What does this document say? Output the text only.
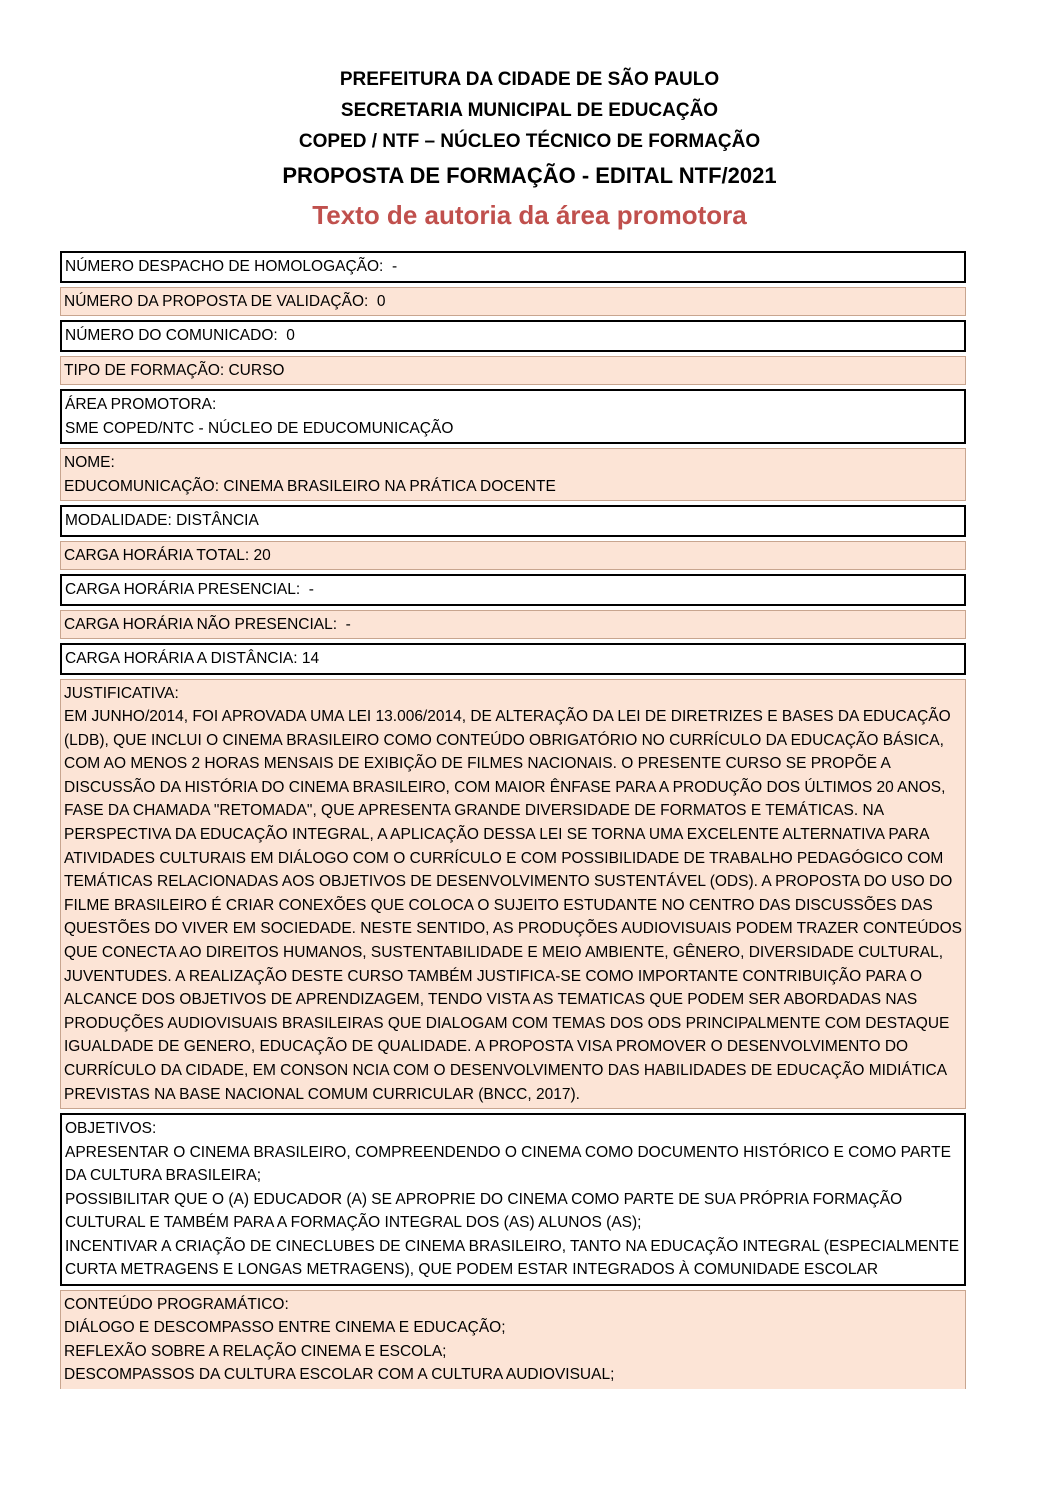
PREFEITURA DA CIDADE DE SÃO PAULO
SECRETARIA MUNICIPAL DE EDUCAÇÃO
COPED / NTF – NÚCLEO TÉCNICO DE FORMAÇÃO
PROPOSTA DE FORMAÇÃO - EDITAL NTF/2021
Texto de autoria da área promotora
NÚMERO DESPACHO DE HOMOLOGAÇÃO:  -
NÚMERO DA PROPOSTA DE VALIDAÇÃO:  0
NÚMERO DO COMUNICADO:  0
TIPO DE FORMAÇÃO: CURSO

ÁREA PROMOTORA:

SME COPED/NTC - NÚCLEO DE EDUCOMUNICAÇÃO

NOME:

EDUCOMUNICAÇÃO: CINEMA BRASILEIRO NA PRÁTICA DOCENTE

MODALIDADE: DISTÂNCIA
CARGA HORÁRIA TOTAL: 20
CARGA HORÁRIA PRESENCIAL:  -
CARGA HORÁRIA NÃO PRESENCIAL:  -
CARGA HORÁRIA A DISTÂNCIA: 14

JUSTIFICATIVA:

EM JUNHO/2014, FOI APROVADA UMA LEI 13.006/2014, DE ALTERAÇÃO DA LEI DE DIRETRIZES E BASES DA EDUCAÇÃO (LDB), QUE INCLUI O CINEMA BRASILEIRO COMO CONTEÚDO OBRIGATÓRIO NO CURRÍCULO DA EDUCAÇÃO BÁSICA, COM AO MENOS 2 HORAS MENSAIS DE EXIBIÇÃO DE FILMES NACIONAIS. O PRESENTE CURSO SE PROPÕE A DISCUSSÃO DA HISTÓRIA DO CINEMA BRASILEIRO, COM MAIOR ÊNFASE PARA A PRODUÇÃO DOS ÚLTIMOS 20 ANOS, FASE DA CHAMADA "RETOMADA", QUE APRESENTA GRANDE DIVERSIDADE DE FORMATOS E TEMÁTICAS. NA PERSPECTIVA DA EDUCAÇÃO INTEGRAL, A APLICAÇÃO DESSA LEI SE TORNA UMA EXCELENTE ALTERNATIVA PARA ATIVIDADES CULTURAIS EM DIÁLOGO COM O CURRÍCULO E COM POSSIBILIDADE DE TRABALHO PEDAGÓGICO COM TEMÁTICAS RELACIONADAS AOS OBJETIVOS DE DESENVOLVIMENTO SUSTENTÁVEL (ODS). A PROPOSTA DO USO DO FILME BRASILEIRO É CRIAR CONEXÕES QUE COLOCA O SUJEITO ESTUDANTE NO CENTRO DAS DISCUSSÕES DAS QUESTÕES DO VIVER EM SOCIEDADE. NESTE SENTIDO, AS PRODUÇÕES AUDIOVISUAIS PODEM TRAZER CONTEÚDOS QUE CONECTA AO DIREITOS HUMANOS, SUSTENTABILIDADE E MEIO AMBIENTE, GÊNERO, DIVERSIDADE CULTURAL, JUVENTUDES. A REALIZAÇÃO DESTE CURSO TAMBÉM JUSTIFICA-SE COMO IMPORTANTE CONTRIBUIÇÃO PARA O ALCANCE DOS OBJETIVOS DE APRENDIZAGEM, TENDO VISTA AS TEMATICAS QUE PODEM SER ABORDADAS NAS PRODUÇÕES AUDIOVISUAIS BRASILEIRAS QUE DIALOGAM COM TEMAS DOS ODS PRINCIPALMENTE COM DESTAQUE IGUALDADE DE GENERO, EDUCAÇÃO DE QUALIDADE. A PROPOSTA VISA PROMOVER O DESENVOLVIMENTO DO CURRÍCULO DA CIDADE, EM CONSON NCIA COM O DESENVOLVIMENTO DAS HABILIDADES DE EDUCAÇÃO MIDIÁTICA PREVISTAS NA BASE NACIONAL COMUM CURRICULAR (BNCC, 2017).

OBJETIVOS:

APRESENTAR O CINEMA BRASILEIRO, COMPREENDENDO O CINEMA COMO DOCUMENTO HISTÓRICO E COMO PARTE DA CULTURA BRASILEIRA;

POSSIBILITAR QUE O (A) EDUCADOR (A) SE APROPRIE DO CINEMA COMO PARTE DE SUA PRÓPRIA FORMAÇÃO CULTURAL E TAMBÉM PARA A FORMAÇÃO INTEGRAL DOS (AS) ALUNOS (AS);

INCENTIVAR A CRIAÇÃO DE CINECLUBES DE CINEMA BRASILEIRO, TANTO NA EDUCAÇÃO INTEGRAL (ESPECIALMENTE CURTA METRAGENS E LONGAS METRAGENS), QUE PODEM ESTAR INTEGRADOS À COMUNIDADE ESCOLAR

CONTEÚDO PROGRAMÁTICO:

DIÁLOGO E DESCOMPASSO ENTRE CINEMA E EDUCAÇÃO;

REFLEXÃO SOBRE A RELAÇÃO CINEMA E ESCOLA;

DESCOMPASSOS DA CULTURA ESCOLAR COM A CULTURA AUDIOVISUAL;
